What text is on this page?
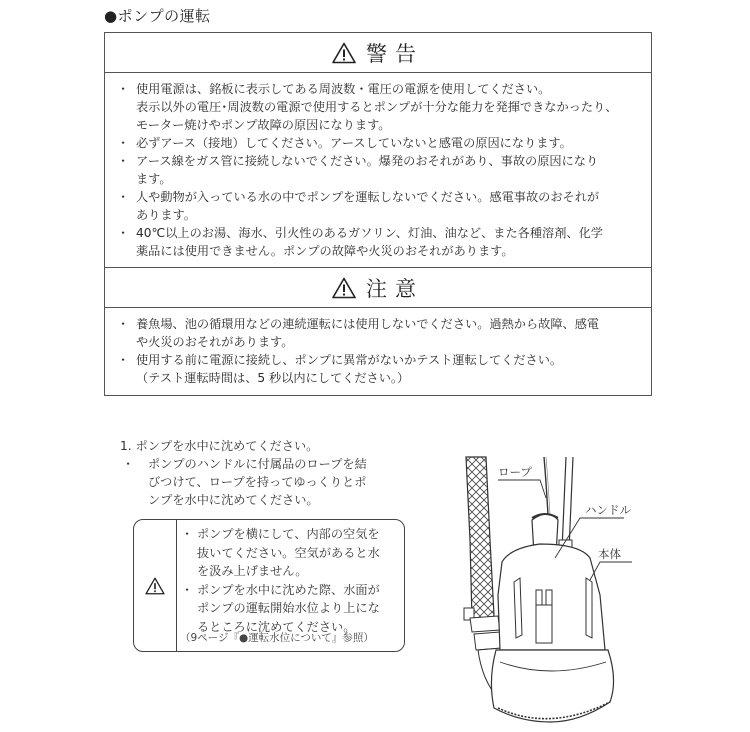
●ポンプの運転
警告
・ 使用電源は、銘板に表示してある周波数・電圧の電源を使用してください。
表示以外の電圧･周波数の電源で使用するとポンプが十分な能力を発揮できなかったり、
モーター焼けやポンプ故障の原因になります。
・ 必ずアース（接地）してください。アースしていないと感電の原因になります。
・ アース線をガス管に接続しないでください。爆発のおそれがあり、事故の原因になり
ます。
・ 人や動物が入っている水の中でポンプを運転しないでください。感電事故のおそれが
あります。
・ 40℃以上のお湯、海水、引火性のあるガソリン、灯油、油など、また各種溶剤、化学
薬品には使用できません。ポンプの故障や火災のおそれがあります。
注意
・ 養魚場、池の循環用などの連続運転には使用しないでください。過熱から故障、感電
や火災のおそれがあります。
・ 使用する前に電源に接続し、ポンプに異常がないかテスト運転してください。
（テスト運転時間は、5 秒以内にしてください。）
1. ポンプを水中に沈めてください。
・ ポンプのハンドルに付属品のロープを結
びつけて、ロープを持ってゆっくりとポ
ンプを水中に沈めてください。
・ ポンプを横にして、内部の空気を
抜いてください。空気があると水
を汲み上げません。
・ ポンプを水中に沈めた際、水面が
ポンプの運転開始水位より上にな
るところに沈めてください。
（9ページ『●運転水位について』参照）
ロープ
ハンドル
本体
